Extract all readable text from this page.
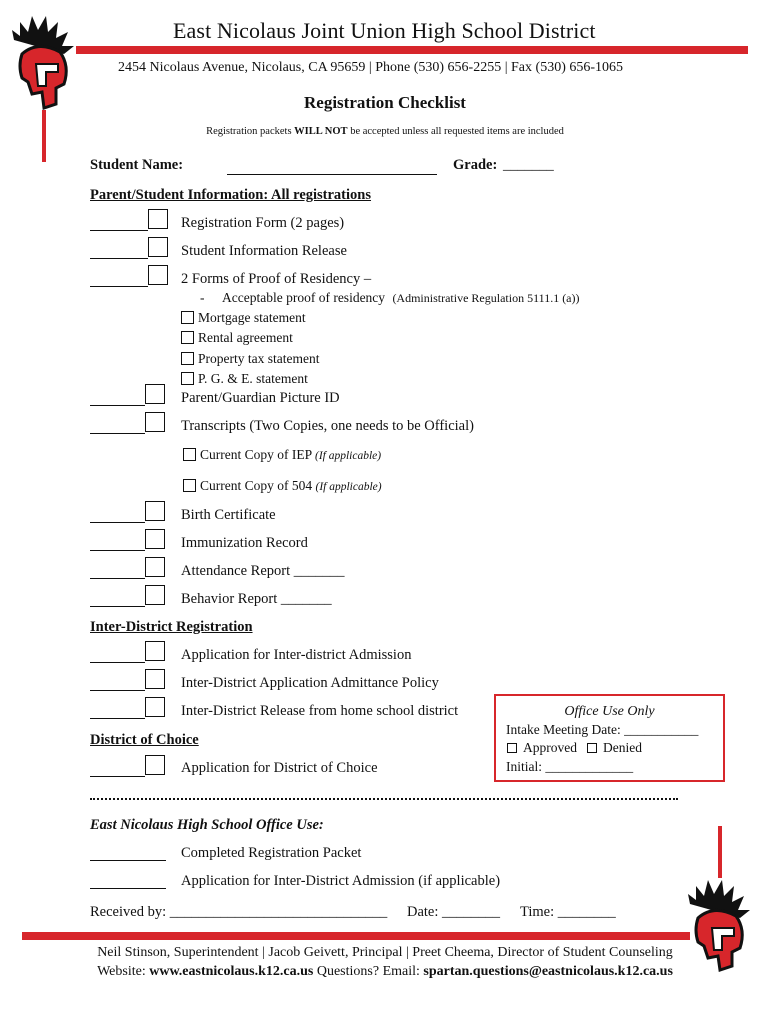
East Nicolaus Joint Union High School District
2454 Nicolaus Avenue, Nicolaus, CA 95659 | Phone (530) 656-2255 | Fax (530) 656-1065
Registration Checklist
Registration packets WILL NOT be accepted unless all requested items are included
Student Name:	Grade: _______
Parent/Student Information: All registrations
Registration Form (2 pages)
Student Information Release
2 Forms of Proof of Residency –
- Acceptable proof of residency (Administrative Regulation 5111.1 (a))
Mortgage statement
Rental agreement
Property tax statement
P. G. & E. statement
Parent/Guardian Picture ID
Transcripts (Two Copies, one needs to be Official)
Current Copy of IEP (If applicable)
Current Copy of 504 (If applicable)
Birth Certificate
Immunization Record
Attendance Report _______
Behavior Report _______
Inter-District Registration
Application for Inter-district Admission
Inter-District Application Admittance Policy
Inter-District Release from home school district
District of Choice
Application for District of Choice
Office Use Only
Intake Meeting Date: ___________
Approved Denied
Initial: _____________
East Nicolaus High School Office Use:
Completed Registration Packet
Application for Inter-District Admission (if applicable)
Received by: ______________________________ Date: ________ Time: ________
Neil Stinson, Superintendent | Jacob Geivett, Principal | Preet Cheema, Director of Student Counseling
Website: www.eastnicolaus.k12.ca.us Questions? Email: spartan.questions@eastnicolaus.k12.ca.us
